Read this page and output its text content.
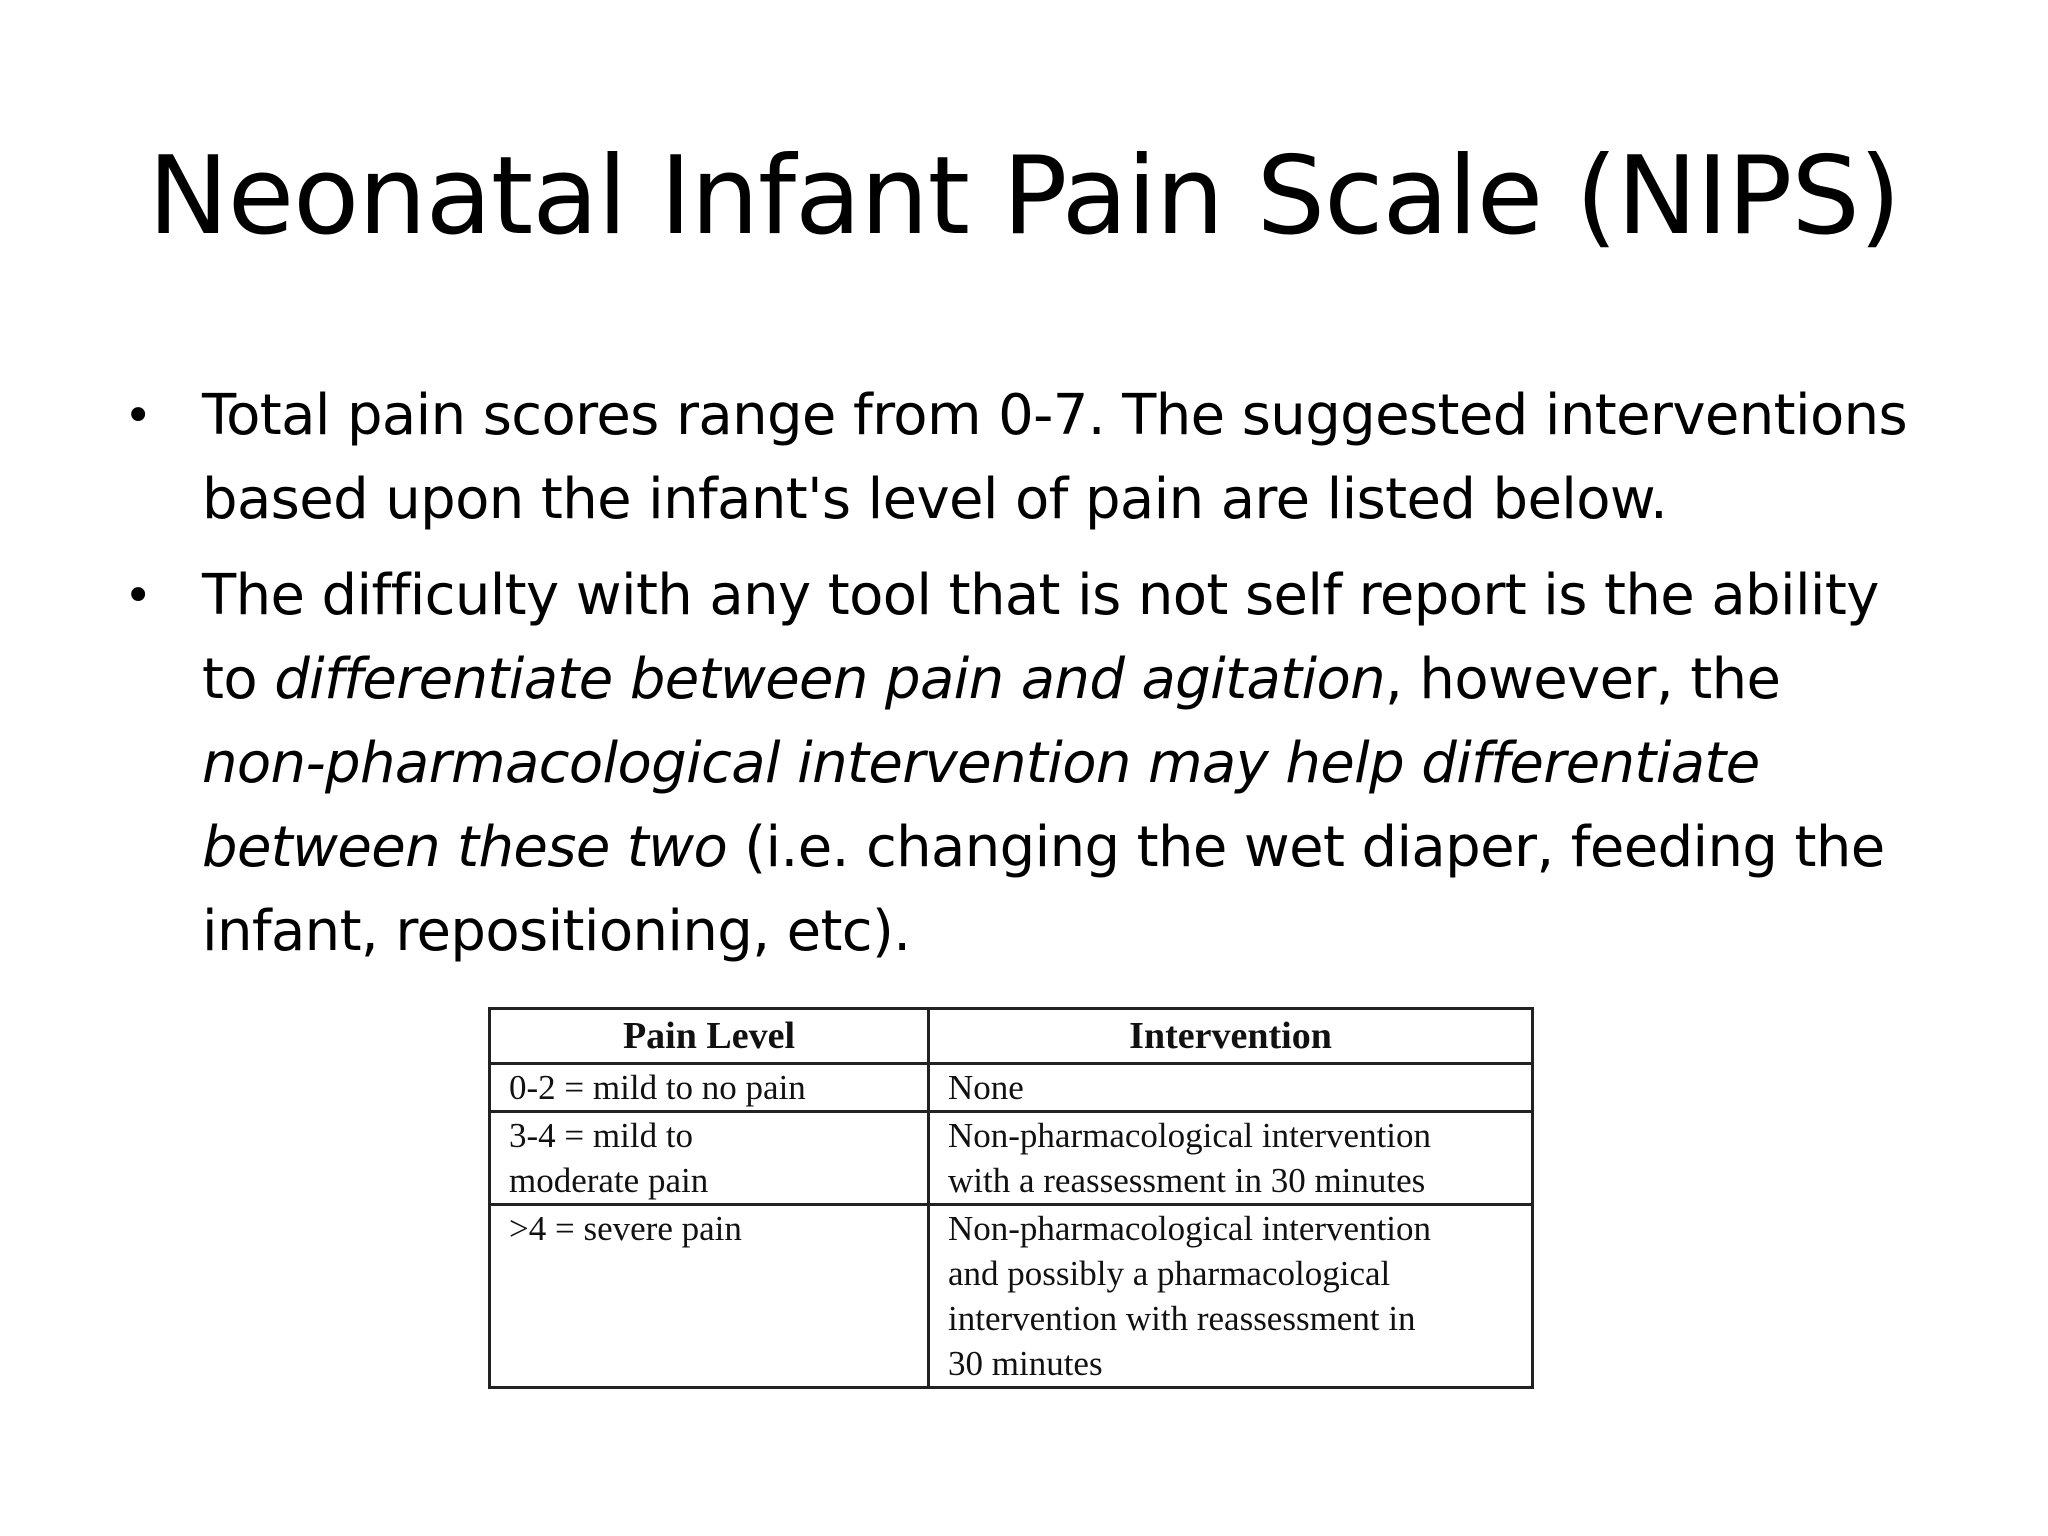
Neonatal Infant Pain Scale (NIPS)
• Total pain scores range from 0-7. The suggested interventions
based upon the infant's level of pain are listed below.
• The difficulty with any tool that is not self report is the ability
to differentiate between pain and agitation, however, the
non-pharmacological intervention may help differentiate
between these two (i.e. changing the wet diaper, feeding the
infant, repositioning, etc).
Pain Level	Intervention

0-2 = mild to no pain	None

3-4 = mild to
moderate pain	Non-pharmacological intervention
with a reassessment in 30 minutes

>4 = severe pain	Non-pharmacological intervention
and possibly a pharmacological
intervention with reassessment in
30 minutes
